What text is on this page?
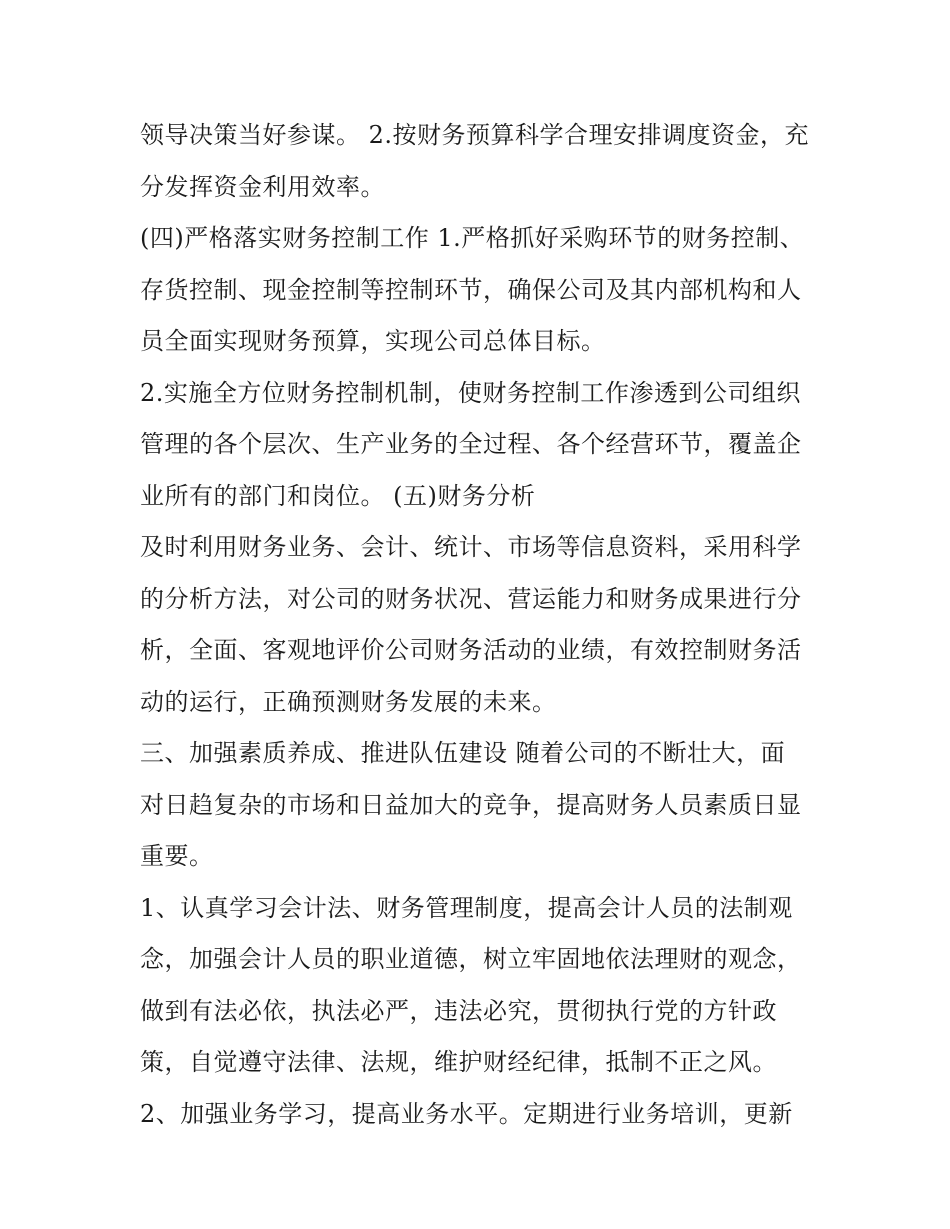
领导决策当好参谋。 2.按财务预算科学合理安排调度资金，充
分发挥资金利用效率。
(四)严格落实财务控制工作 1.严格抓好采购环节的财务控制、
存货控制、现金控制等控制环节，确保公司及其内部机构和人
员全面实现财务预算，实现公司总体目标。
2.实施全方位财务控制机制，使财务控制工作渗透到公司组织
管理的各个层次、生产业务的全过程、各个经营环节，覆盖企
业所有的部门和岗位。 (五)财务分析
及时利用财务业务、会计、统计、市场等信息资料，采用科学
的分析方法，对公司的财务状况、营运能力和财务成果进行分
析，全面、客观地评价公司财务活动的业绩，有效控制财务活
动的运行，正确预测财务发展的未来。
三、加强素质养成、推进队伍建设 随着公司的不断壮大，面
对日趋复杂的市场和日益加大的竞争，提高财务人员素质日显
重要。
1、认真学习会计法、财务管理制度，提高会计人员的法制观
念，加强会计人员的职业道德，树立牢固地依法理财的观念，
做到有法必依，执法必严，违法必究，贯彻执行党的方针政
策，自觉遵守法律、法规，维护财经纪律，抵制不正之风。
2、加强业务学习，提高业务水平。定期进行业务培训，更新
